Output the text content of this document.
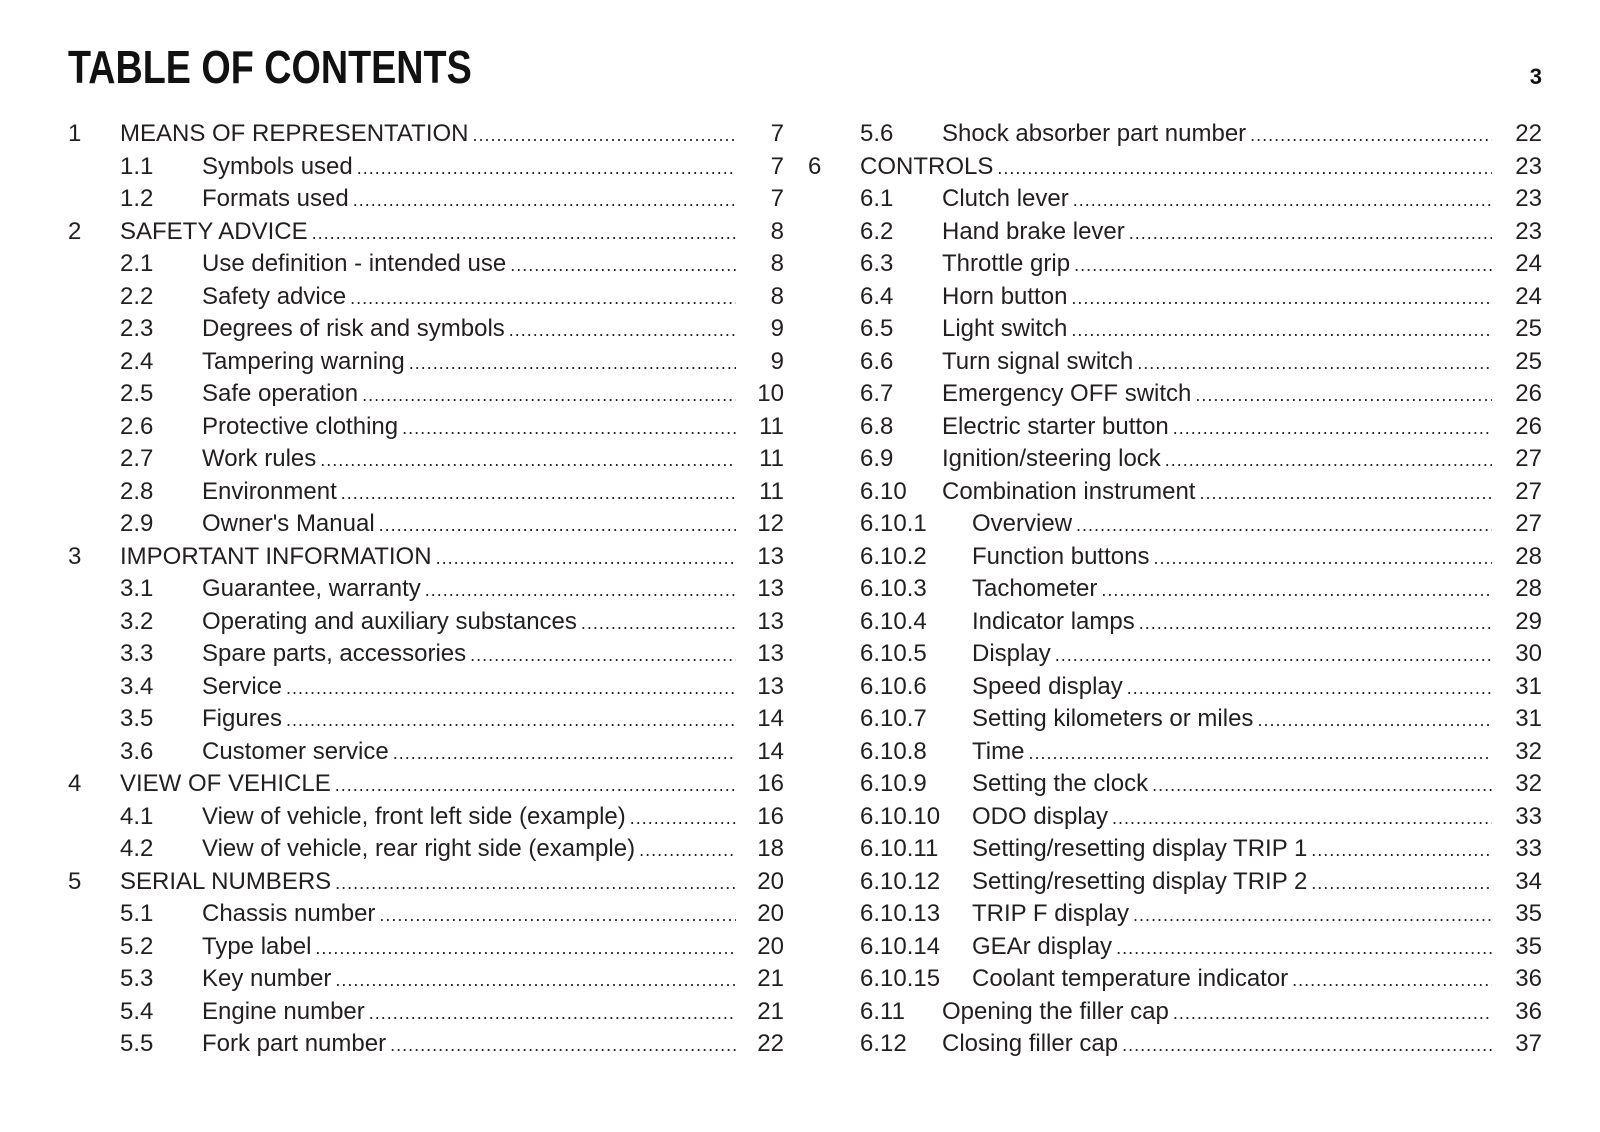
TABLE OF CONTENTS	3
1	MEANS OF REPRESENTATION .....	7
1.1	Symbols used .....	7
1.2	Formats used .....	7
2	SAFETY ADVICE .....	8
2.1	Use definition - intended use .....	8
2.2	Safety advice .....	8
2.3	Degrees of risk and symbols .....	9
2.4	Tampering warning .....	9
2.5	Safe operation .....	10
2.6	Protective clothing .....	11
2.7	Work rules .....	11
2.8	Environment .....	11
2.9	Owner's Manual .....	12
3	IMPORTANT INFORMATION .....	13
3.1	Guarantee, warranty .....	13
3.2	Operating and auxiliary substances .....	13
3.3	Spare parts, accessories .....	13
3.4	Service .....	13
3.5	Figures .....	14
3.6	Customer service .....	14
4	VIEW OF VEHICLE .....	16
4.1	View of vehicle, front left side (example) .....	16
4.2	View of vehicle, rear right side (example) .....	18
5	SERIAL NUMBERS .....	20
5.1	Chassis number .....	20
5.2	Type label .....	20
5.3	Key number .....	21
5.4	Engine number .....	21
5.5	Fork part number .....	22
5.6	Shock absorber part number .....	22
6	CONTROLS .....	23
6.1	Clutch lever .....	23
6.2	Hand brake lever .....	23
6.3	Throttle grip .....	24
6.4	Horn button .....	24
6.5	Light switch .....	25
6.6	Turn signal switch .....	25
6.7	Emergency OFF switch .....	26
6.8	Electric starter button .....	26
6.9	Ignition/steering lock .....	27
6.10	Combination instrument .....	27
6.10.1	Overview .....	27
6.10.2	Function buttons .....	28
6.10.3	Tachometer .....	28
6.10.4	Indicator lamps .....	29
6.10.5	Display .....	30
6.10.6	Speed display .....	31
6.10.7	Setting kilometers or miles .....	31
6.10.8	Time .....	32
6.10.9	Setting the clock .....	32
6.10.10	ODO display .....	33
6.10.11	Setting/resetting display TRIP 1 .....	33
6.10.12	Setting/resetting display TRIP 2 .....	34
6.10.13	TRIP F display .....	35
6.10.14	GEAr display .....	35
6.10.15	Coolant temperature indicator .....	36
6.11	Opening the filler cap .....	36
6.12	Closing filler cap .....	37
